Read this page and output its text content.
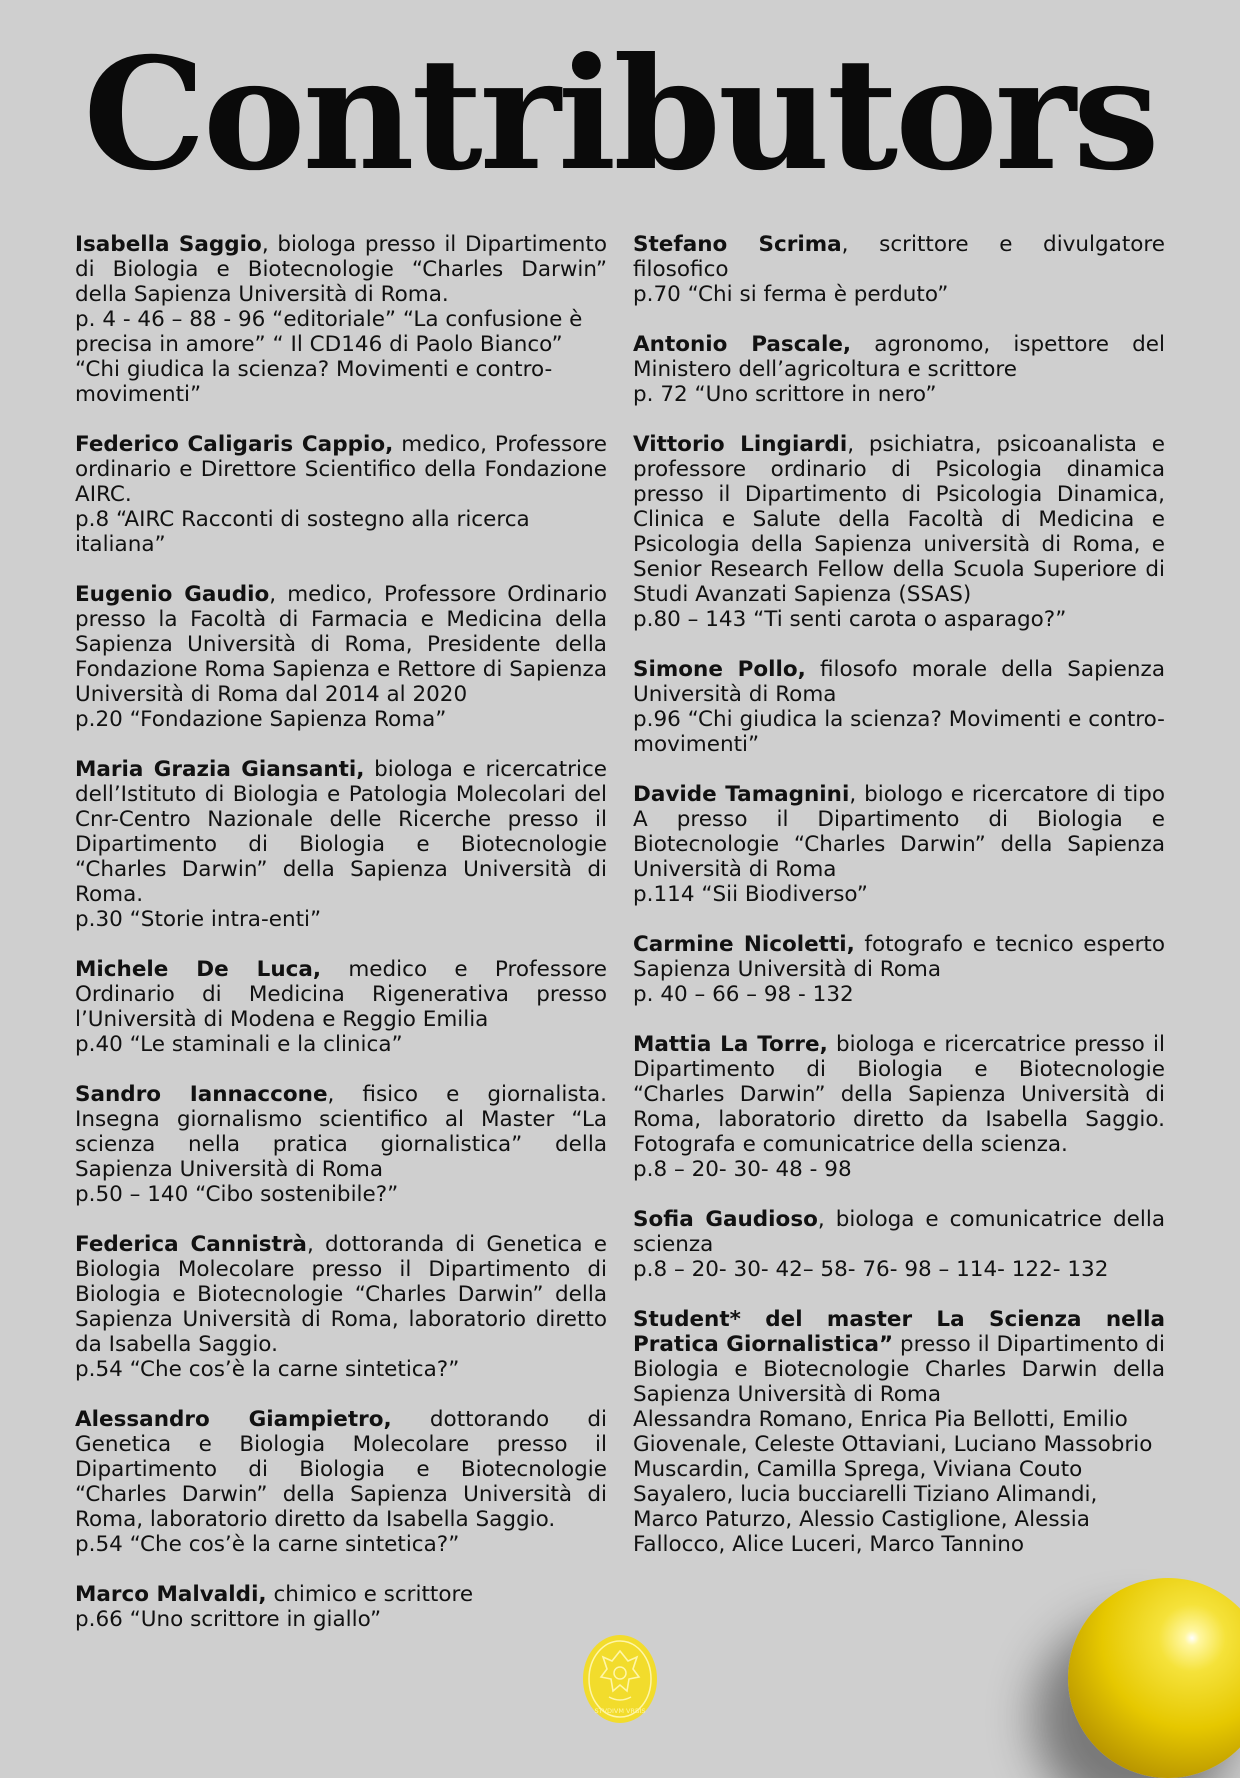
Contributors
Isabella Saggio, biologa presso il Dipartimento di Biologia e Biotecnologie “Charles Darwin” della Sapienza Università di Roma.
p. 4 - 46 – 88 - 96 “editoriale” “La confusione è precisa in amore” “ Il CD146 di Paolo Bianco” “Chi giudica la scienza? Movimenti e contro-movimenti”
Federico Caligaris Cappio, medico, Professore ordinario e Direttore Scientifico della Fondazione AIRC.
p.8 “AIRC Racconti di sostegno alla ricerca italiana”
Eugenio Gaudio, medico, Professore Ordinario presso la Facoltà di Farmacia e Medicina della Sapienza Università di Roma, Presidente della Fondazione Roma Sapienza e Rettore di Sapienza Università di Roma dal 2014 al 2020
p.20 “Fondazione Sapienza Roma”
Maria Grazia Giansanti, biologa e ricercatrice dell’Istituto di Biologia e Patologia Molecolari del Cnr-Centro Nazionale delle Ricerche presso il Dipartimento di Biologia e Biotecnologie “Charles Darwin” della Sapienza Università di Roma.
p.30 “Storie intra-enti”
Michele De Luca, medico e Professore Ordinario di Medicina Rigenerativa presso l’Università di Modena e Reggio Emilia
p.40 “Le staminali e la clinica”
Sandro Iannaccone, fisico e giornalista. Insegna giornalismo scientifico al Master “La scienza nella pratica giornalistica” della Sapienza Università di Roma
p.50 – 140 “Cibo sostenibile?”
Federica Cannistrà, dottoranda di Genetica e Biologia Molecolare presso il Dipartimento di Biologia e Biotecnologie “Charles Darwin” della Sapienza Università di Roma, laboratorio diretto da Isabella Saggio.
p.54 “Che cos’è la carne sintetica?”
Alessandro Giampietro, dottorando di Genetica e Biologia Molecolare presso il Dipartimento di Biologia e Biotecnologie “Charles Darwin” della Sapienza Università di Roma, laboratorio diretto da Isabella Saggio.
p.54 “Che cos’è la carne sintetica?”
Marco Malvaldi, chimico e scrittore
p.66 “Uno scrittore in giallo”
Stefano Scrima, scrittore e divulgatore filosofico
p.70 “Chi si ferma è perduto”
Antonio Pascale, agronomo, ispettore del Ministero dell’agricoltura e scrittore
p. 72 “Uno scrittore in nero”
Vittorio Lingiardi, psichiatra, psicoanalista e professore ordinario di Psicologia dinamica presso il Dipartimento di Psicologia Dinamica, Clinica e Salute della Facoltà di Medicina e Psicologia della Sapienza università di Roma, e Senior Research Fellow della Scuola Superiore di Studi Avanzati Sapienza (SSAS)
p.80 – 143 “Ti senti carota o asparago?”
Simone Pollo, filosofo morale della Sapienza Università di Roma
p.96 “Chi giudica la scienza? Movimenti e contro-movimenti”
Davide Tamagnini, biologo e ricercatore di tipo A presso il Dipartimento di Biologia e Biotecnologie “Charles Darwin” della Sapienza Università di Roma
p.114 “Sii Biodiverso”
Carmine Nicoletti, fotografo e tecnico esperto Sapienza Università di Roma
p. 40 – 66 – 98 - 132
Mattia La Torre, biologa e ricercatrice presso il Dipartimento di Biologia e Biotecnologie “Charles Darwin” della Sapienza Università di Roma, laboratorio diretto da Isabella Saggio. Fotografa e comunicatrice della scienza.
p.8 – 20- 30- 48 - 98
Sofia Gaudioso, biologa e comunicatrice della scienza
p.8 – 20- 30- 42– 58- 76- 98 – 114- 122- 132
Student* del master La Scienza nella Pratica Giornalistica” presso il Dipartimento di Biologia e Biotecnologie Charles Darwin della Sapienza Università di Roma
Alessandra Romano, Enrica Pia Bellotti, Emilio Giovenale, Celeste Ottaviani, Luciano Massobrio Muscardin, Camilla Sprega, Viviana Couto Sayalero, lucia bucciarelli Tiziano Alimandi, Marco Paturzo, Alessio Castiglione, Alessia Fallocco, Alice Luceri, Marco Tannino
STVDIVM VRBIS
